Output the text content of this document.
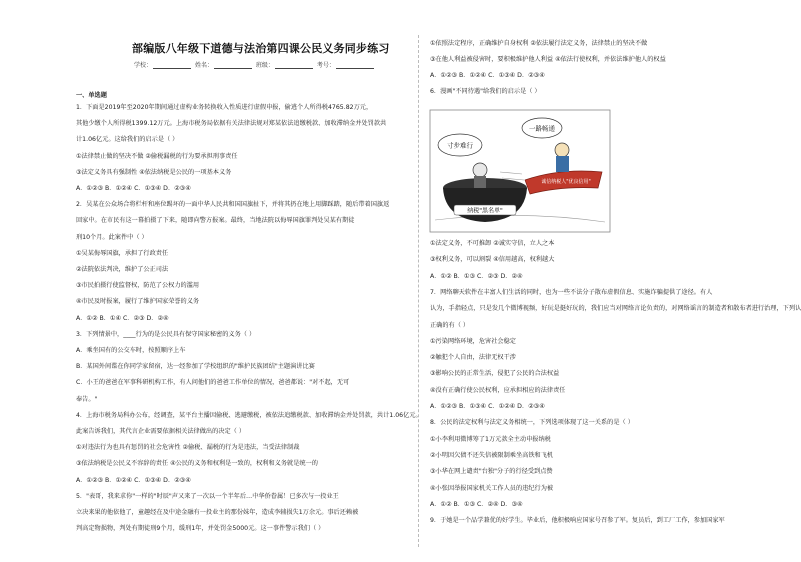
部编版八年级下道德与法治第四课公民义务同步练习
学校：	姓名：	班级：	考号：
一、单选题
1．下面是2019年至2020年期间通过虚构业务转换收入性质进行虚假申报，偷逃个人所得税4765.82万元，
其他少缴个人所得税1399.12万元。上海市税务局依据有关法律法规对郑某依法追缴税款、加收滞纳金并处罚款共
计1.06亿元。这给我们的启示是（ ）
①法律禁止做的坚决不做 ②偷税漏税的行为要承担刑事责任
③法定义务具有强制性 ④依法纳税是公民的一项基本义务
A．①②③ B．①②④ C．①③④ D．②③④
2．吴某在公众场合将栏杆和座位踢坏的一面中华人民共和国国旗扯下，并将其扔在地上用脚踩踏，随后带着国旗返
回家中。在市民有这一幕拍摄了下来，随即向警方报案。最终，当地法院以侮辱国旗罪判处吴某有期徒
刑10个月。此案件中（ ）
①吴某侮辱国旗，承担了行政责任
②法院依法判决，维护了公正司法
③市民拍摄行使监督权，防范了公权力的滥用
④市民及时报案，履行了维护国家荣誉的义务
A．①② B．①④ C．②③ D．②④
3．下列情景中，____行为的是公民具有保守国家秘密的义务（ ）
A．乘坐国有的公交车时，按照顺序上车
B．某国外间谍在你同学家留宿，达一经参加了学校组织的"维护民族团结"主题演讲比赛
C．小王的爸爸在军事科研机构工作，有人问他们的爸爸工作单位的情况，爸爸都说："对不起，无可
奉告。"
4．上海市税务局科办公布，经调查，某平台主播因偷税、逃避缴税，被依法追缴税款、加收滞纳金并处罚款，共计1.06亿元。
此案告诉我们，其代言企业需要依据相关法律做出的决定（ ）
①对违法行为也具有惩罚的社会危害性 ②偷税、漏税的行为是违法，当受法律制裁
③依法纳税是公民义不容辞的责任 ④公民的义务和权利是一致的，权利和义务就是统一的
A．①②③ B．①②④ C．①③④ D．②③④
5．"表哥，我来求你"一样的"时辰"声又来了一次以一个半年后…中华侨眷属！已多次与一投业王
立决来果的他依他了，童趣经在及中途金融有一投业主的那份妹年，造成李辅损失1万余元。事后还赖被
判高定物损物，判处有期徒刑9个月，缓刑1年，并处罚金5000元。这一事件警示我们（ ）
①依照法定程序，正确维护自身权利 ②依法履行法定义务，法律禁止的坚决不做
③在他人利益被侵害时，要积极维护他人利益 ④依法行使权利，并依法维护他人的权益
A．①②③ B．①②④ C．①③④ D．②③④
6．漫画"不同待遇"给我们的启示是（ ）
纳税"黑名单"
寸步难行
诚信纳税人"优良信用"
一路畅通
①法定义务，不可推卸 ②诚实守信，立人之本
③权利义务，可以割裂 ④信用越高，权利越大
A．①② B．①③ C．②③ D．②④
7．网络聊天软件在丰富人们生活的同时，也为一些不法分子散布虚假信息、实施诈骗提供了途径。有人
认为，手指轻点，只是发几个微博视频，好玩是挺好玩的，我们应当对网络言论负责的，对网络谣言的制造者和散布者进行治理，下列认
正确的有（ ）
①污染网络环境，危害社会稳定
②触犯个人自由，法律无权干涉
③影响公民的正常生活，侵犯了公民的合法权益
④没有正确行使公民权利，应承担相应的法律责任
A．①②③ B．①③④ C．①②④ D．②③④
8．公民的法定权利与法定义务相统一，下列选项体现了这一关系的是（ ）
①小李利用微博筹了1万元款全主动申报纳税
②小明因欠债不还失信被限制乘坐高铁和飞机
③小华在网上谴责"台独"分子的行径受到点赞
④小张因举报国家机关工作人员的违纪行为被
A．①② B．①③ C．②④ D．③④
9．于她是一个品学兼优的好学生。毕业后，他积极响应国家号召参了军。复员后，到工厂工作，参加国家军
